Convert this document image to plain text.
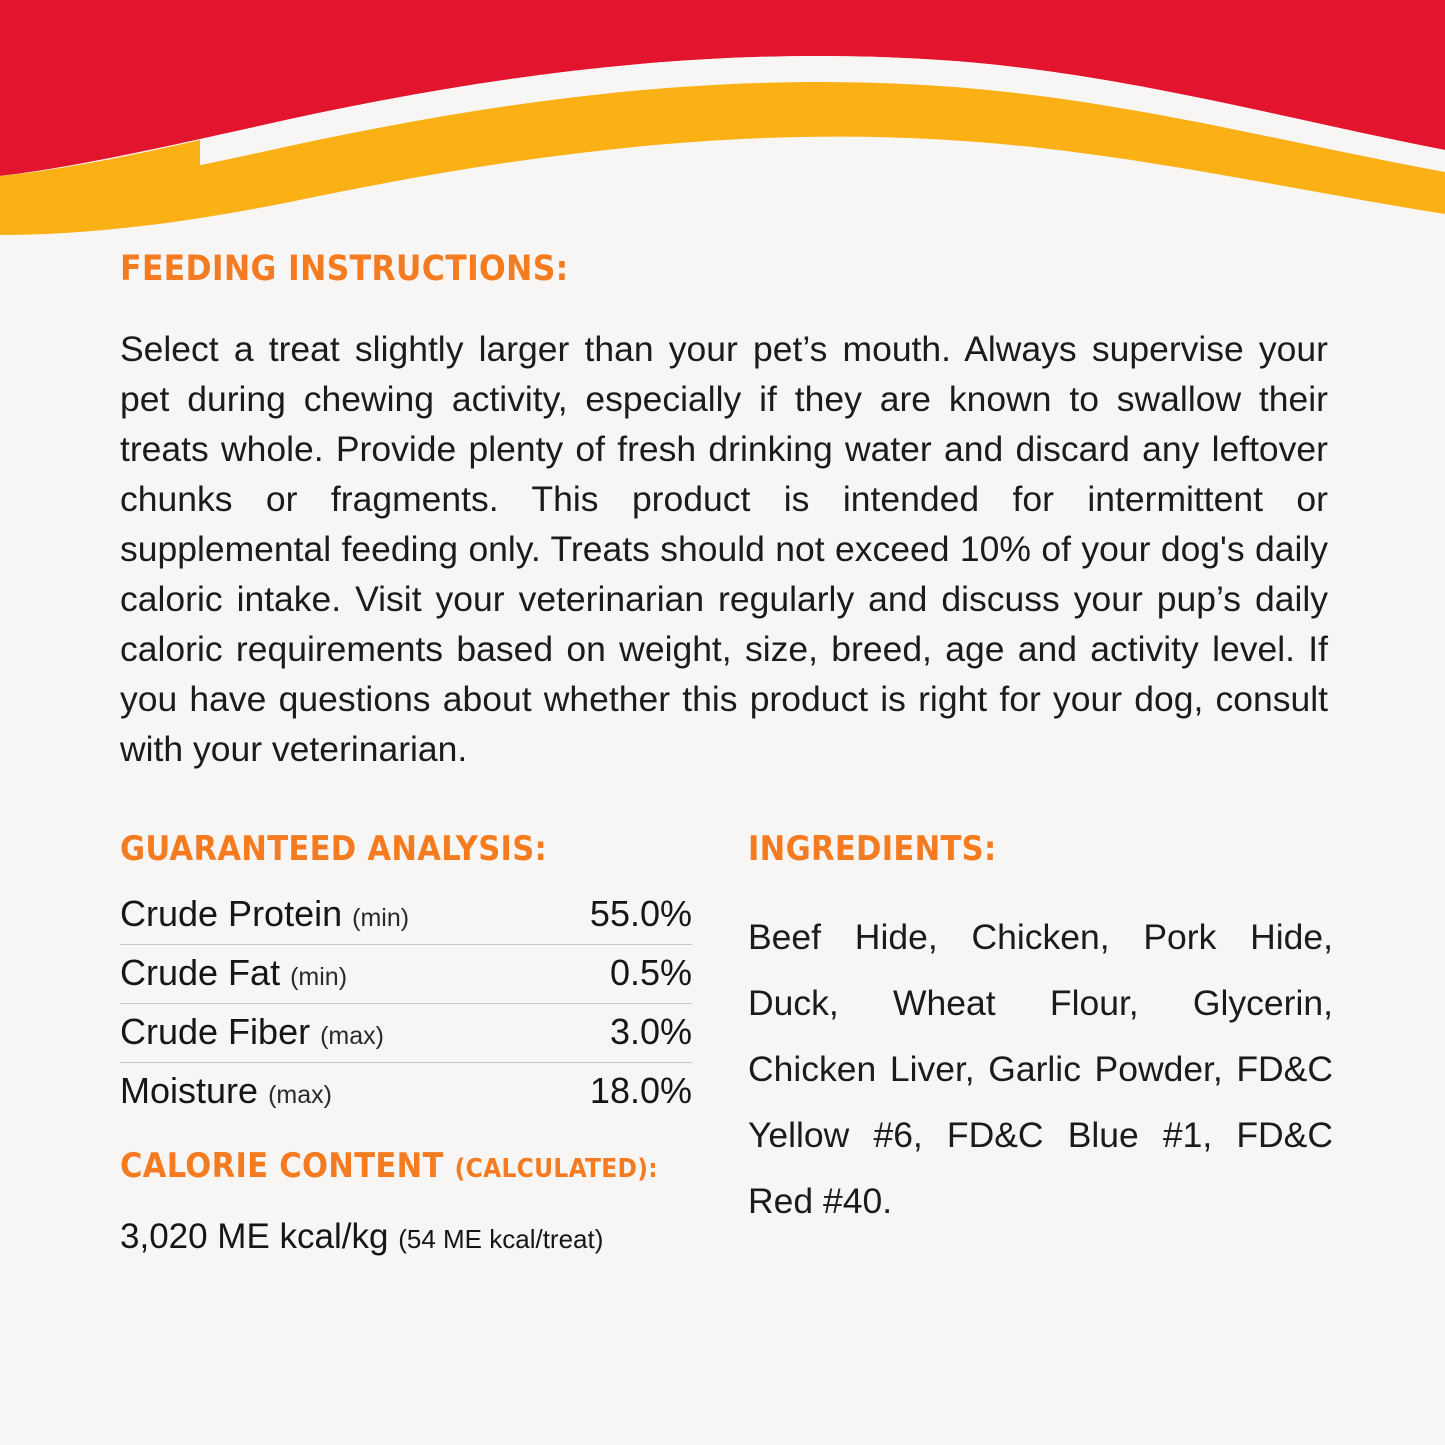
FEEDING INSTRUCTIONS:

Select a treat slightly larger than your pet’s mouth. Always supervise your pet during chewing activity, especially if they are known to swallow their treats whole. Provide plenty of fresh drinking water and discard any leftover chunks or fragments. This product is intended for intermittent or supplemental feeding only. Treats should not exceed 10% of your dog's daily caloric intake. Visit your veterinarian regularly and discuss your pup’s daily caloric requirements based on weight, size, breed, age and activity level. If you have questions about whether this product is right for your dog, consult with your veterinarian.

GUARANTEED ANALYSIS:
Crude Protein (min)	55.0%
Crude Fat (min)	0.5%
Crude Fiber (max)	3.0%
Moisture (max)	18.0%
CALORIE CONTENT (CALCULATED):

3,020 ME kcal/kg (54 ME kcal/treat)

INGREDIENTS:

Beef Hide, Chicken, Pork Hide, Duck, Wheat Flour, Glycerin, Chicken Liver, Garlic Powder, FD&C Yellow #6, FD&C Blue #1, FD&C Red #40.
